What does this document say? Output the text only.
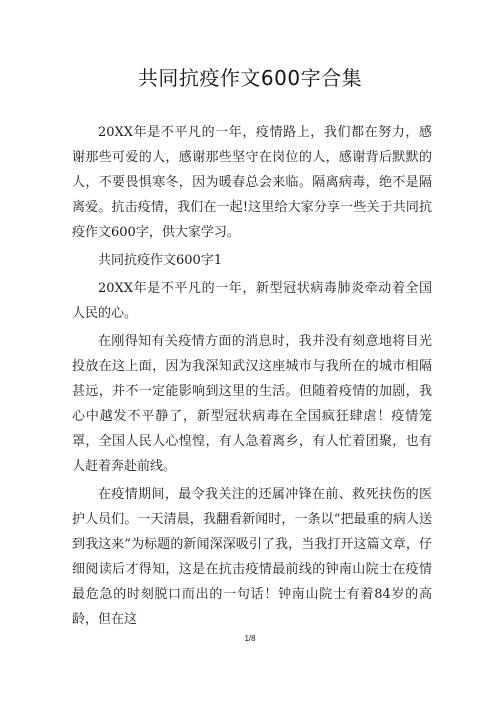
共同抗疫作文600字合集

20XX年是不平凡的一年，疫情路上，我们都在努力，感谢那些可爱的人，感谢那些坚守在岗位的人，感谢背后默默的人，不要畏惧寒冬，因为暖春总会来临。隔离病毒，绝不是隔离爱。抗击疫情，我们在一起!这里给大家分享一些关于共同抗疫作文600字，供大家学习。

共同抗疫作文600字1

20XX年是不平凡的一年，新型冠状病毒肺炎牵动着全国人民的心。

在刚得知有关疫情方面的消息时，我并没有刻意地将目光投放在这上面，因为我深知武汉这座城市与我所在的城市相隔甚远，并不一定能影响到这里的生活。但随着疫情的加剧，我心中越发不平静了，新型冠状病毒在全国疯狂肆虐！疫情笼罩，全国人民人心惶惶，有人急着离乡，有人忙着团聚，也有人赶着奔赴前线。

在疫情期间，最令我关注的还属冲锋在前、救死扶伤的医护人员们。一天清晨，我翻看新闻时，一条以“把最重的病人送到我这来”为标题的新闻深深吸引了我，当我打开这篇文章，仔细阅读后才得知，这是在抗击疫情最前线的钟南山院士在疫情最危急的时刻脱口而出的一句话！钟南山院士有着84岁的高龄，但在这

1/8
